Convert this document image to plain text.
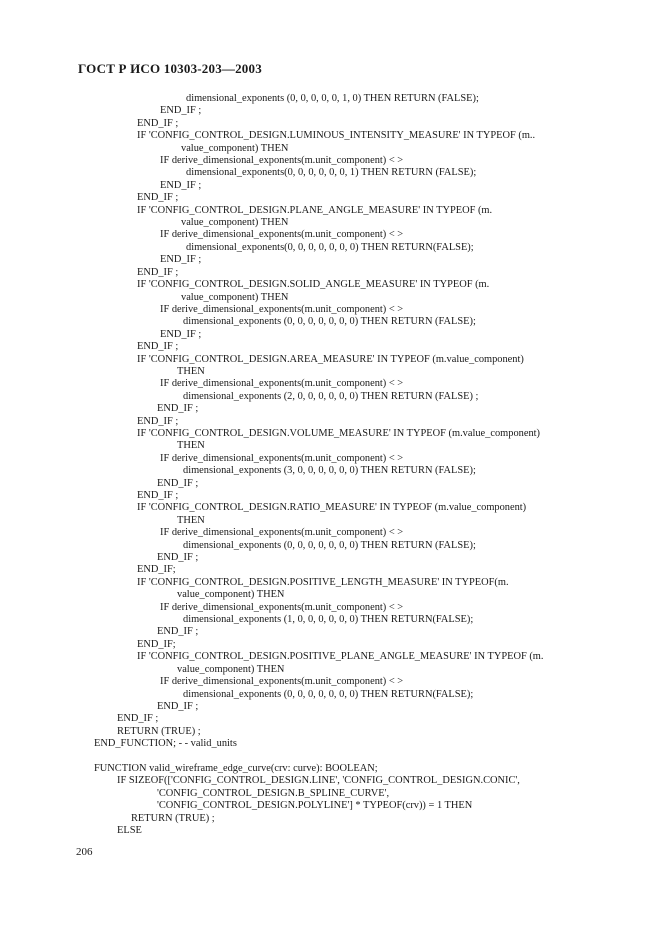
ГОСТ Р ИСО 10303-203—2003
dimensional_exponents (0, 0, 0, 0, 0, 1, 0) THEN RETURN (FALSE);
END_IF ;
END_IF ;
IF 'CONFIG_CONTROL_DESIGN.LUMINOUS_INTENSITY_MEASURE' IN TYPEOF (m..
value_component) THEN
IF derive_dimensional_exponents(m.unit_component) < >
dimensional_exponents(0, 0, 0, 0, 0, 0, 1) THEN RETURN (FALSE);
END_IF ;
END_IF ;
IF 'CONFIG_CONTROL_DESIGN.PLANE_ANGLE_MEASURE' IN TYPEOF (m.
value_component) THEN
IF derive_dimensional_exponents(m.unit_component) < >
dimensional_exponents(0, 0, 0, 0, 0, 0, 0) THEN RETURN(FALSE);
END_IF ;
END_IF ;
IF 'CONFIG_CONTROL_DESIGN.SOLID_ANGLE_MEASURE' IN TYPEOF (m.
value_component) THEN
IF derive_dimensional_exponents(m.unit_component) < >
dimensional_exponents (0, 0, 0, 0, 0, 0, 0) THEN RETURN (FALSE);
END_IF ;
END_IF ;
IF 'CONFIG_CONTROL_DESIGN.AREA_MEASURE' IN TYPEOF (m.value_component)
THEN
IF derive_dimensional_exponents(m.unit_component) < >
dimensional_exponents (2, 0, 0, 0, 0, 0, 0) THEN RETURN (FALSE) ;
END_IF ;
END_IF ;
IF 'CONFIG_CONTROL_DESIGN.VOLUME_MEASURE' IN TYPEOF (m.value_component)
THEN
IF derive_dimensional_exponents(m.unit_component) < >
dimensional_exponents (3, 0, 0, 0, 0, 0, 0) THEN RETURN (FALSE);
END_IF ;
END_IF ;
IF 'CONFIG_CONTROL_DESIGN.RATIO_MEASURE' IN TYPEOF (m.value_component)
THEN
IF derive_dimensional_exponents(m.unit_component) < >
dimensional_exponents (0, 0, 0, 0, 0, 0, 0) THEN RETURN (FALSE);
END_IF ;
END_IF;
IF 'CONFIG_CONTROL_DESIGN.POSITIVE_LENGTH_MEASURE' IN TYPEOF(m.
value_component) THEN
IF derive_dimensional_exponents(m.unit_component) < >
dimensional_exponents (1, 0, 0, 0, 0, 0, 0) THEN RETURN(FALSE);
END_IF ;
END_IF;
IF 'CONFIG_CONTROL_DESIGN.POSITIVE_PLANE_ANGLE_MEASURE' IN TYPEOF (m.
value_component) THEN
IF derive_dimensional_exponents(m.unit_component) < >
dimensional_exponents (0, 0, 0, 0, 0, 0, 0) THEN RETURN(FALSE);
END_IF ;
END_IF ;
RETURN (TRUE) ;
END_FUNCTION; - - valid_units
FUNCTION valid_wireframe_edge_curve(crv: curve): BOOLEAN;
IF SIZEOF(['CONFIG_CONTROL_DESIGN.LINE', 'CONFIG_CONTROL_DESIGN.CONIC',
'CONFIG_CONTROL_DESIGN.B_SPLINE_CURVE',
'CONFIG_CONTROL_DESIGN.POLYLINE'] * TYPEOF(crv)) = 1 THEN
RETURN (TRUE) ;
ELSE
206
